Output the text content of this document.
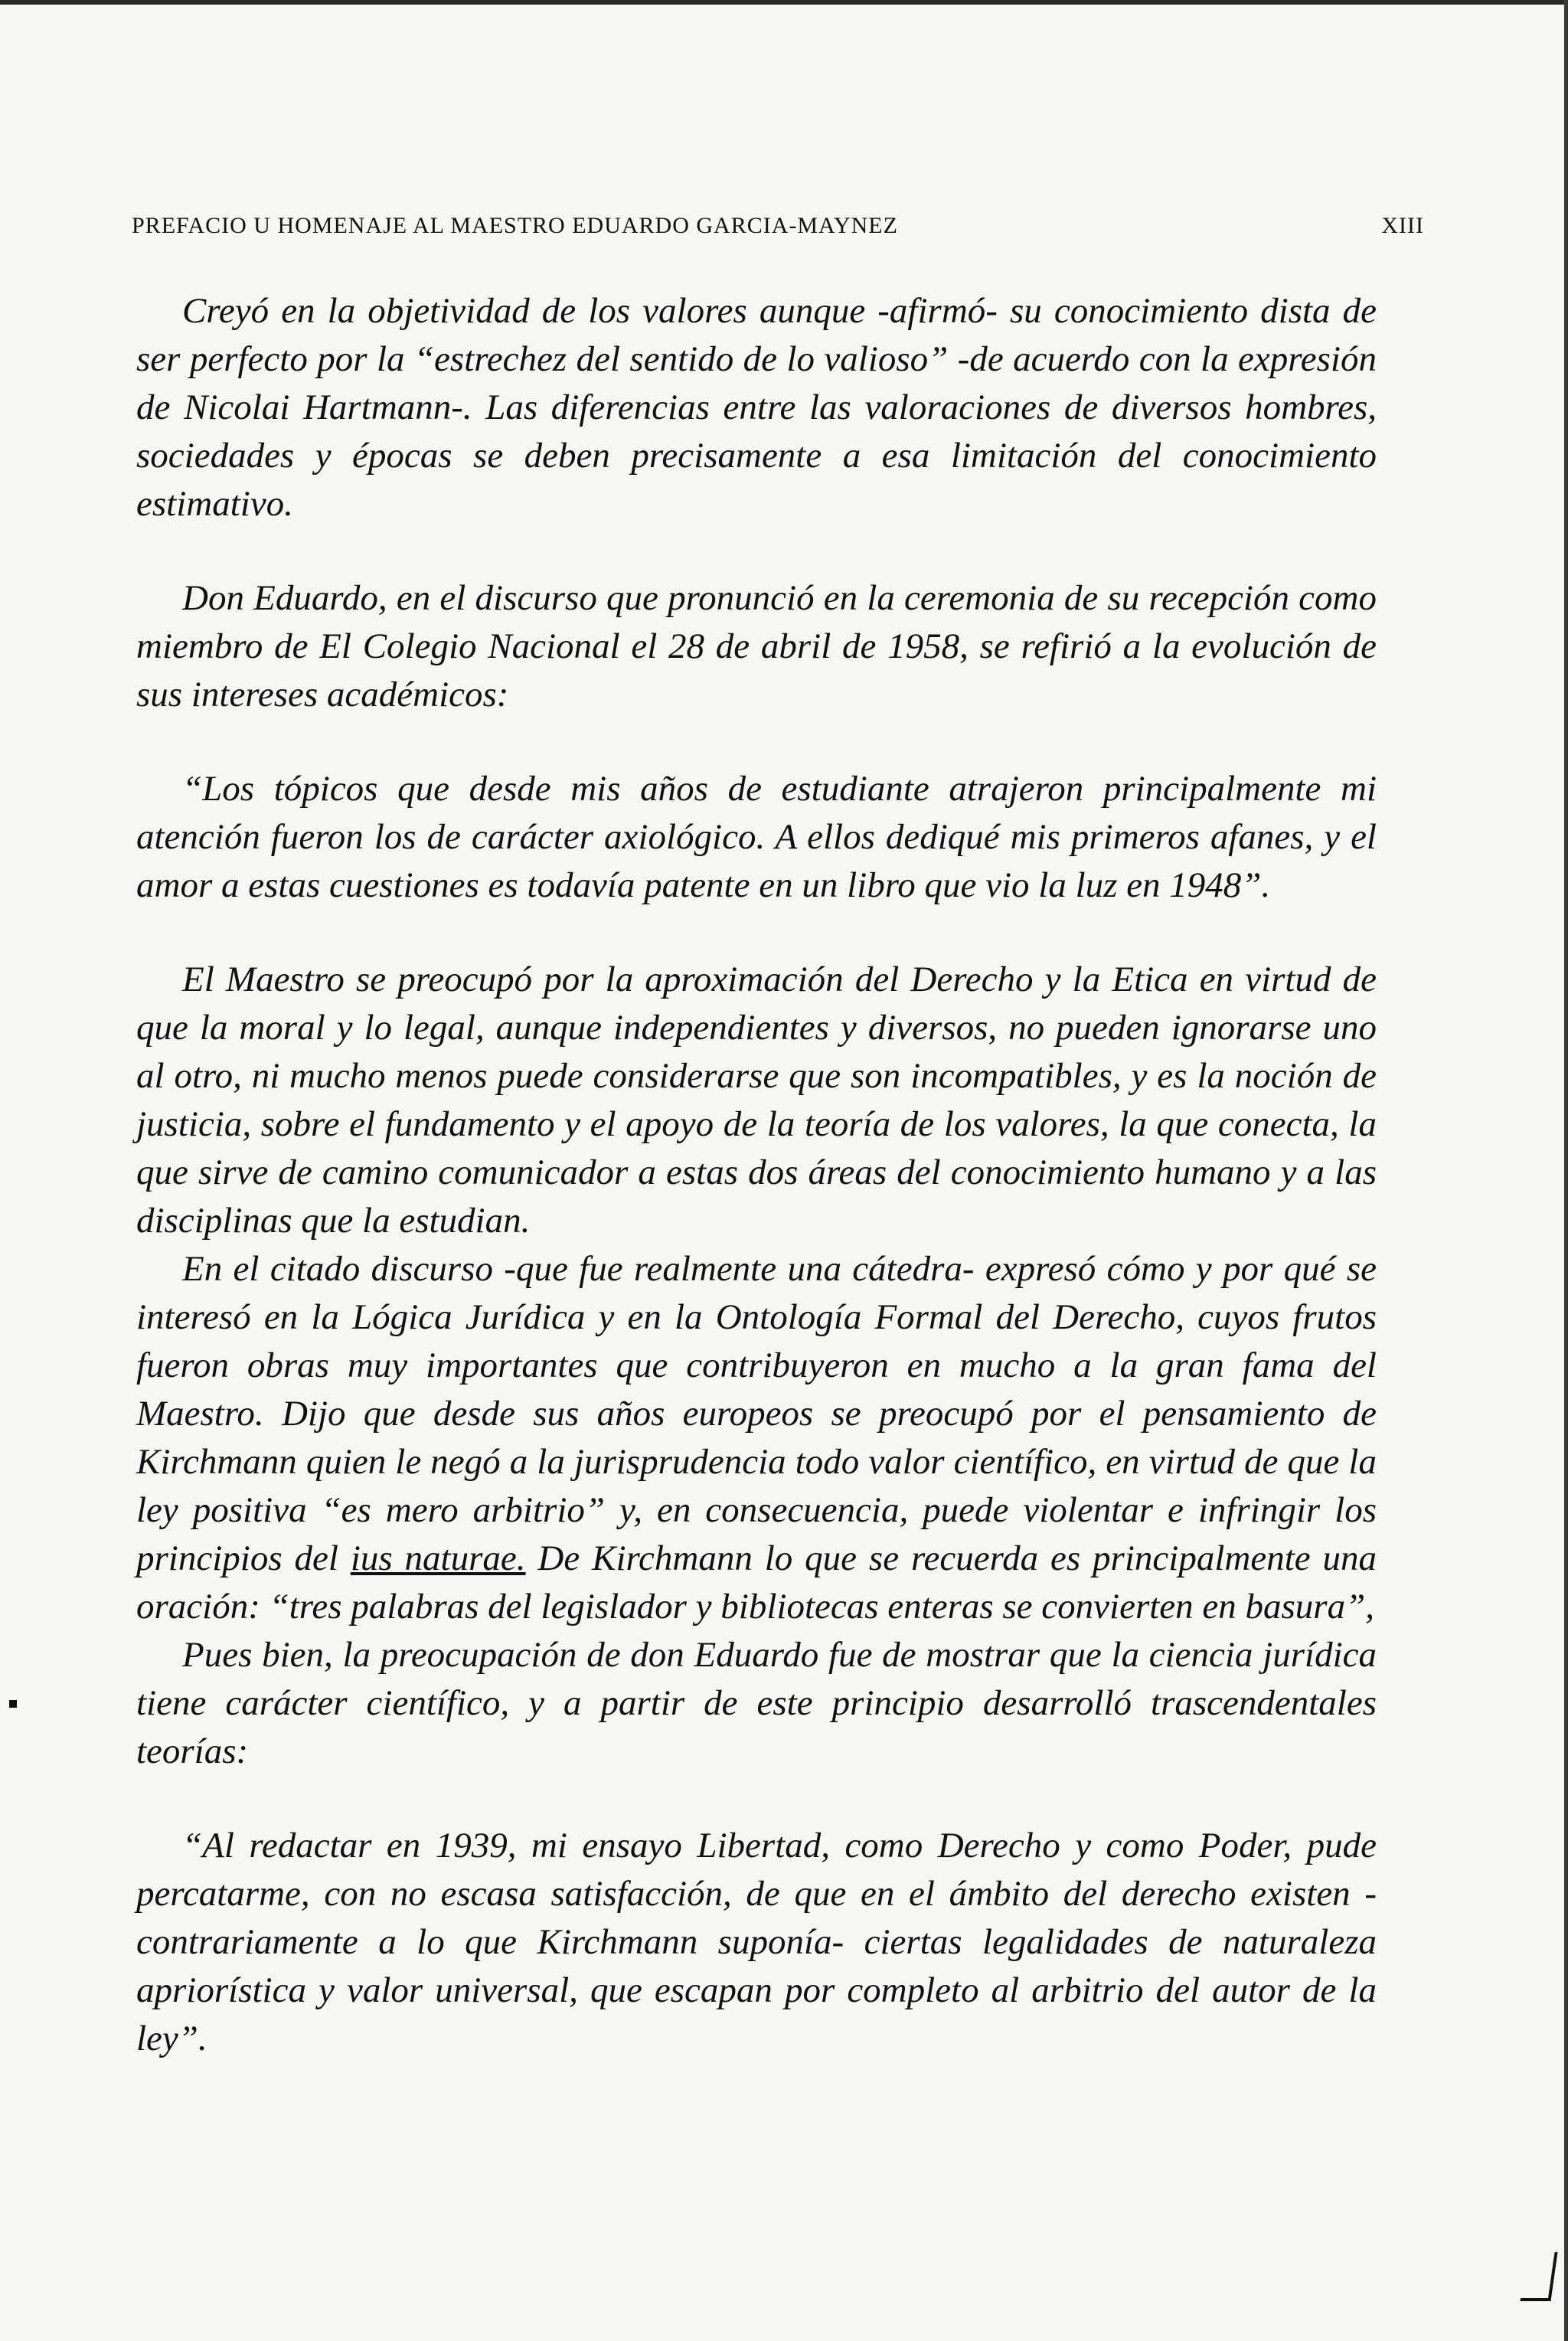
PREFACIO U HOMENAJE AL MAESTRO EDUARDO GARCIA-MAYNEZ	XIII

Creyó en la objetividad de los valores aunque -afirmó- su conocimiento dista de ser perfecto por la “estrechez del sentido de lo valioso” -de acuerdo con la expresión de Nicolai Hartmann-. Las diferencias entre las valoraciones de diversos hombres, sociedades y épocas se deben precisamente a esa limitación del conocimiento estimativo.

Don Eduardo, en el discurso que pronunció en la ceremonia de su recepción como miembro de El Colegio Nacional el 28 de abril de 1958, se refirió a la evolución de sus intereses académicos:

“Los tópicos que desde mis años de estudiante atrajeron principalmente mi atención fueron los de carácter axiológico. A ellos dediqué mis primeros afanes, y el amor a estas cuestiones es todavía patente en un libro que vio la luz en 1948”.

El Maestro se preocupó por la aproximación del Derecho y la Etica en virtud de que la moral y lo legal, aunque independientes y diversos, no pueden ignorarse uno al otro, ni mucho menos puede considerarse que son incompatibles, y es la noción de justicia, sobre el fundamento y el apoyo de la teoría de los valores, la que conecta, la que sirve de camino comunicador a estas dos áreas del conocimiento humano y a las disciplinas que la estudian.

En el citado discurso -que fue realmente una cátedra- expresó cómo y por qué se interesó en la Lógica Jurídica y en la Ontología Formal del Derecho, cuyos frutos fueron obras muy importantes que contribuyeron en mucho a la gran fama del Maestro. Dijo que desde sus años europeos se preocupó por el pensamiento de Kirchmann quien le negó a la jurisprudencia todo valor científico, en virtud de que la ley positiva “es mero arbitrio” y, en consecuencia, puede violentar e infringir los principios del ius naturae. De Kirchmann lo que se recuerda es principalmente una oración: “tres palabras del legislador y bibliotecas enteras se convierten en basura”,

Pues bien, la preocupación de don Eduardo fue de mostrar que la ciencia jurídica tiene carácter científico, y a partir de este principio desarrolló trascendentales teorías:

“Al redactar en 1939, mi ensayo Libertad, como Derecho y como Poder, pude percatarme, con no escasa satisfacción, de que en el ámbito del derecho existen -contrariamente a lo que Kirchmann suponía- ciertas legalidades de naturaleza apriorística y valor universal, que escapan por completo al arbitrio del autor de la ley”.
